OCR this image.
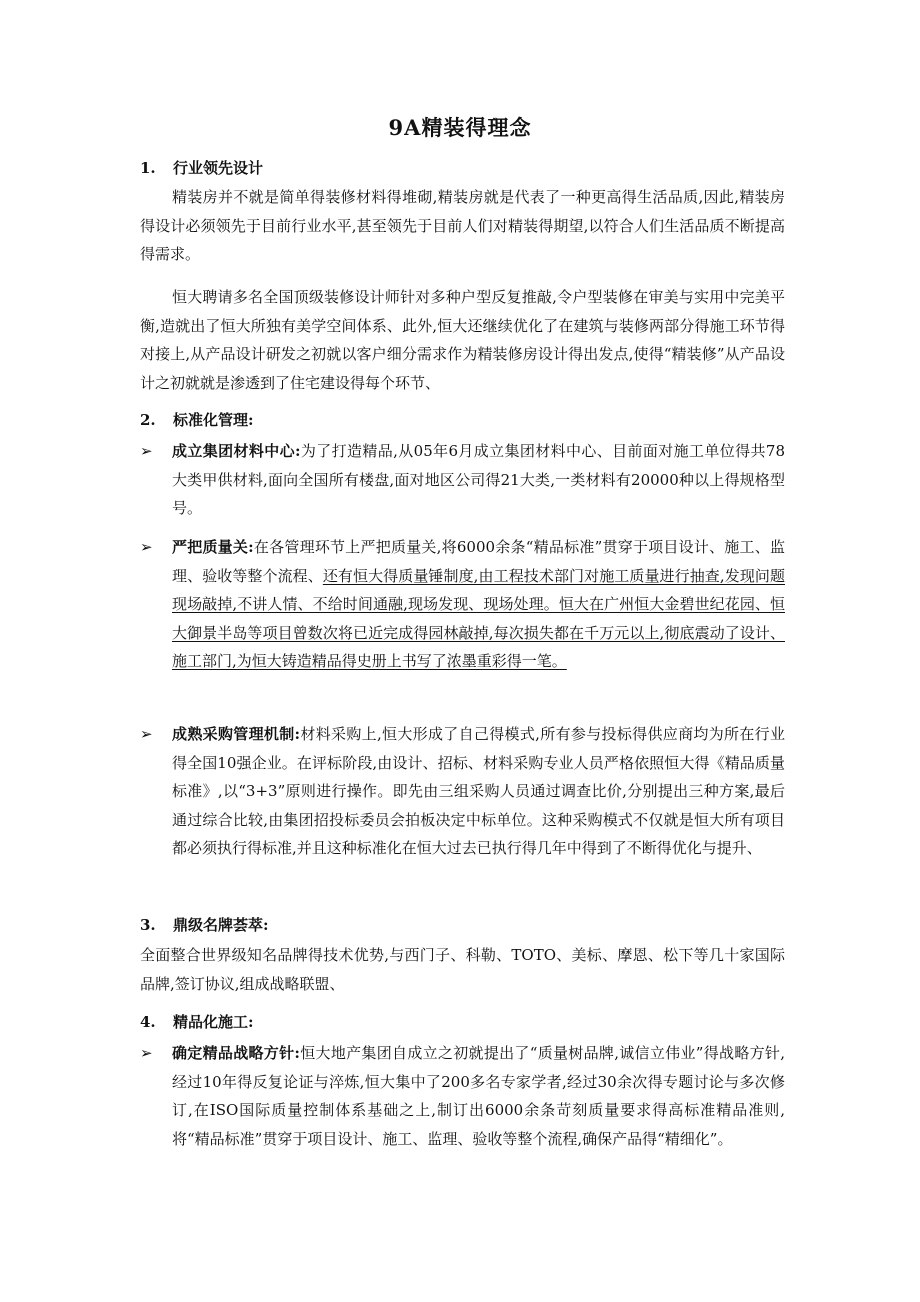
9A精装得理念
1. 行业领先设计
精装房并不就是简单得装修材料得堆砌,精装房就是代表了一种更高得生活品质,因此,精装房得设计必须领先于目前行业水平,甚至领先于目前人们对精装得期望,以符合人们生活品质不断提高得需求。
恒大聘请多名全国顶级装修设计师针对多种户型反复推敲,令户型装修在审美与实用中完美平衡,造就出了恒大所独有美学空间体系、此外,恒大还继续优化了在建筑与装修两部分得施工环节得对接上,从产品设计研发之初就以客户细分需求作为精装修房设计得出发点,使得“精装修”从产品设计之初就就是渗透到了住宅建设得每个环节、
2. 标准化管理:
➢	成立集团材料中心:为了打造精品,从05年6月成立集团材料中心、目前面对施工单位得共78大类甲供材料,面向全国所有楼盘,面对地区公司得21大类,一类材料有20000种以上得规格型号。
➢	严把质量关:在各管理环节上严把质量关,将6000余条“精品标准”贯穿于项目设计、施工、监理、验收等整个流程、还有恒大得质量锤制度,由工程技术部门对施工质量进行抽查,发现问题现场敲掉,不讲人情、不给时间通融,现场发现、现场处理。恒大在广州恒大金碧世纪花园、恒大御景半岛等项目曾数次将已近完成得园林敲掉,每次损失都在千万元以上,彻底震动了设计、施工部门,为恒大铸造精品得史册上书写了浓墨重彩得一笔。
➢	成熟采购管理机制:材料采购上,恒大形成了自己得模式,所有参与投标得供应商均为所在行业得全国10强企业。在评标阶段,由设计、招标、材料采购专业人员严格依照恒大得《精品质量标准》,以“3+3”原则进行操作。即先由三组采购人员通过调查比价,分别提出三种方案,最后通过综合比较,由集团招投标委员会拍板决定中标单位。这种采购模式不仅就是恒大所有项目都必须执行得标准,并且这种标准化在恒大过去已执行得几年中得到了不断得优化与提升、
3. 鼎级名牌荟萃:
全面整合世界级知名品牌得技术优势,与西门子、科勒、TOTO、美标、摩恩、松下等几十家国际品牌,签订协议,组成战略联盟、
4. 精品化施工:
➢	确定精品战略方针:恒大地产集团自成立之初就提出了“质量树品牌,诚信立伟业”得战略方针,经过10年得反复论证与淬炼,恒大集中了200多名专家学者,经过30余次得专题讨论与多次修订,在ISO国际质量控制体系基础之上,制订出6000余条苛刻质量要求得高标准精品准则,将“精品标准”贯穿于项目设计、施工、监理、验收等整个流程,确保产品得“精细化”。
